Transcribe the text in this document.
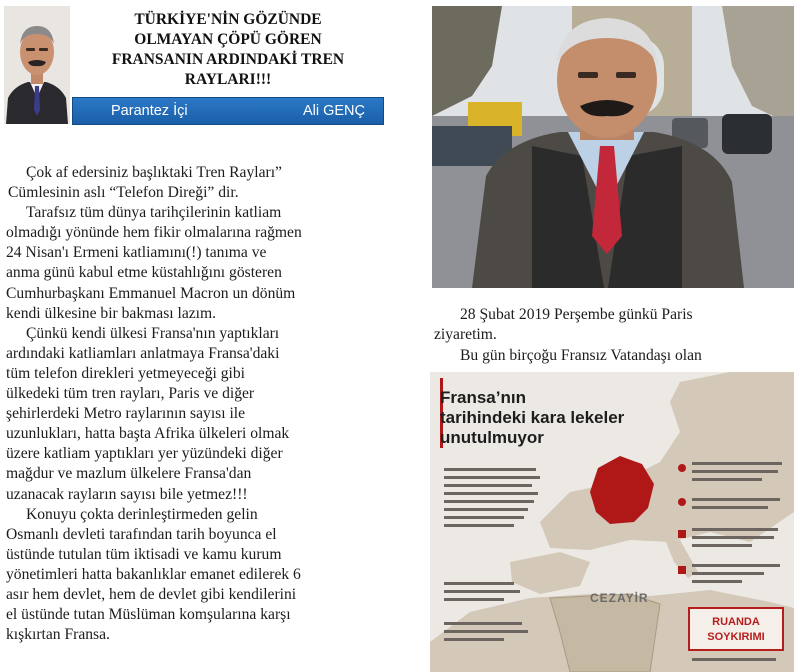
TÜRKİYE'NİN GÖZÜNDE
OLMAYAN ÇÖPÜ GÖREN
FRANSANIN ARDINDAKİ TREN
RAYLARI!!!
Parantez İçi	Ali GENÇ
Çok af edersiniz başlıktaki Tren Rayları”
Cümlesinin aslı “Telefon Direği” dir.
Tarafsız tüm dünya tarihçilerinin katliam
olmadığı yönünde hem fikir olmalarına rağmen
24 Nisan'ı Ermeni katliamını(!) tanıma ve
anma günü kabul etme küstahlığını gösteren
Cumhurbaşkanı Emmanuel Macron un dönüm
kendi ülkesine bir bakması lazım.
Çünkü kendi ülkesi Fransa'nın yaptıkları
ardındaki katliamları anlatmaya Fransa'daki
tüm telefon direkleri yetmeyeceği gibi
ülkedeki tüm tren rayları, Paris ve diğer
şehirlerdeki Metro raylarının sayısı ile
uzunlukları, hatta başta Afrika ülkeleri olmak
üzere katliam yaptıkları yer yüzündeki diğer
mağdur ve mazlum ülkelere Fransa'dan
uzanacak rayların sayısı bile yetmez!!!
Konuyu çokta derinleştirmeden gelin
Osmanlı devleti tarafından tarih boyunca el
üstünde tutulan tüm iktisadi ve kamu kurum
yönetimleri hatta bakanlıklar emanet edilerek 6
asır hem devlet, hem de devlet gibi kendilerini
el üstünde tutan Müslüman komşularına karşı
kışkırtan Fransa.
28 Şubat 2019 Perşembe günkü Paris
ziyaretim.
Bu gün birçoğu Fransız Vatandaşı olan
Fransa’nın
tarihindeki kara lekeler
unutulmuyor
CEZAYİR
RUANDA
SOYKIRIMI
